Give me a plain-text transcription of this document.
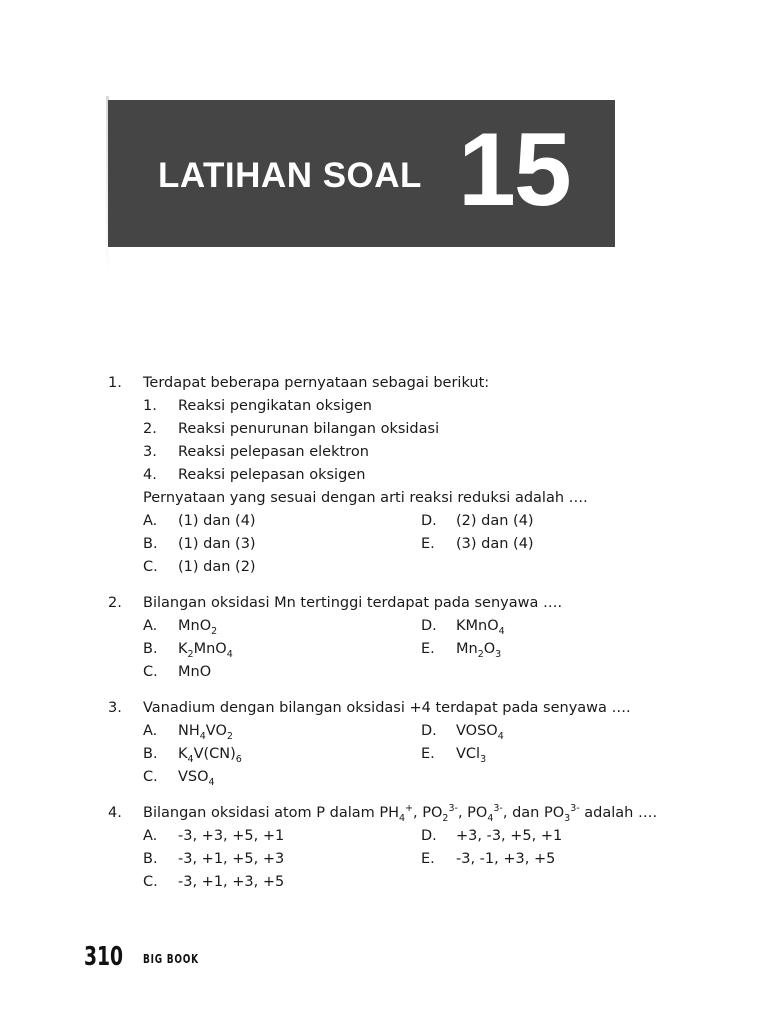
LATIHAN SOAL 15
1. Terdapat beberapa pernyataan sebagai berikut:
1. Reaksi pengikatan oksigen
2. Reaksi penurunan bilangan oksidasi
3. Reaksi pelepasan elektron
4. Reaksi pelepasan oksigen
Pernyataan yang sesuai dengan arti reaksi reduksi adalah ….
A. (1) dan (4)	D. (2) dan (4)
B. (1) dan (3)	E. (3) dan (4)
C. (1) dan (2)
2. Bilangan oksidasi Mn tertinggi terdapat pada senyawa ….
A. MnO$_2$	D. KMnO$_4$
B. $K_2MnO_4$	E. $Mn_2O_3$
C. MnO
3. Vanadium dengan bilangan oksidasi +4 terdapat pada senyawa ….
A. $NH_4VO_2$	D. $VOSO_4$
B. $K_4V(CN)_6$	E. VCl$_3$
C. $VSO_4$
4. Bilangan oksidasi atom P dalam $PH_4^+$, $PO_2^{3-}$, $PO_4^{3-}$, dan $PO_3^{3-}$ adalah ….
A. -3, +3, +5, +1	D. +3, -3, +5, +1
B. -3, +1, +5, +3	E. -3, -1, +3, +5
C. -3, +1, +3, +5
310 BIG BOOK
